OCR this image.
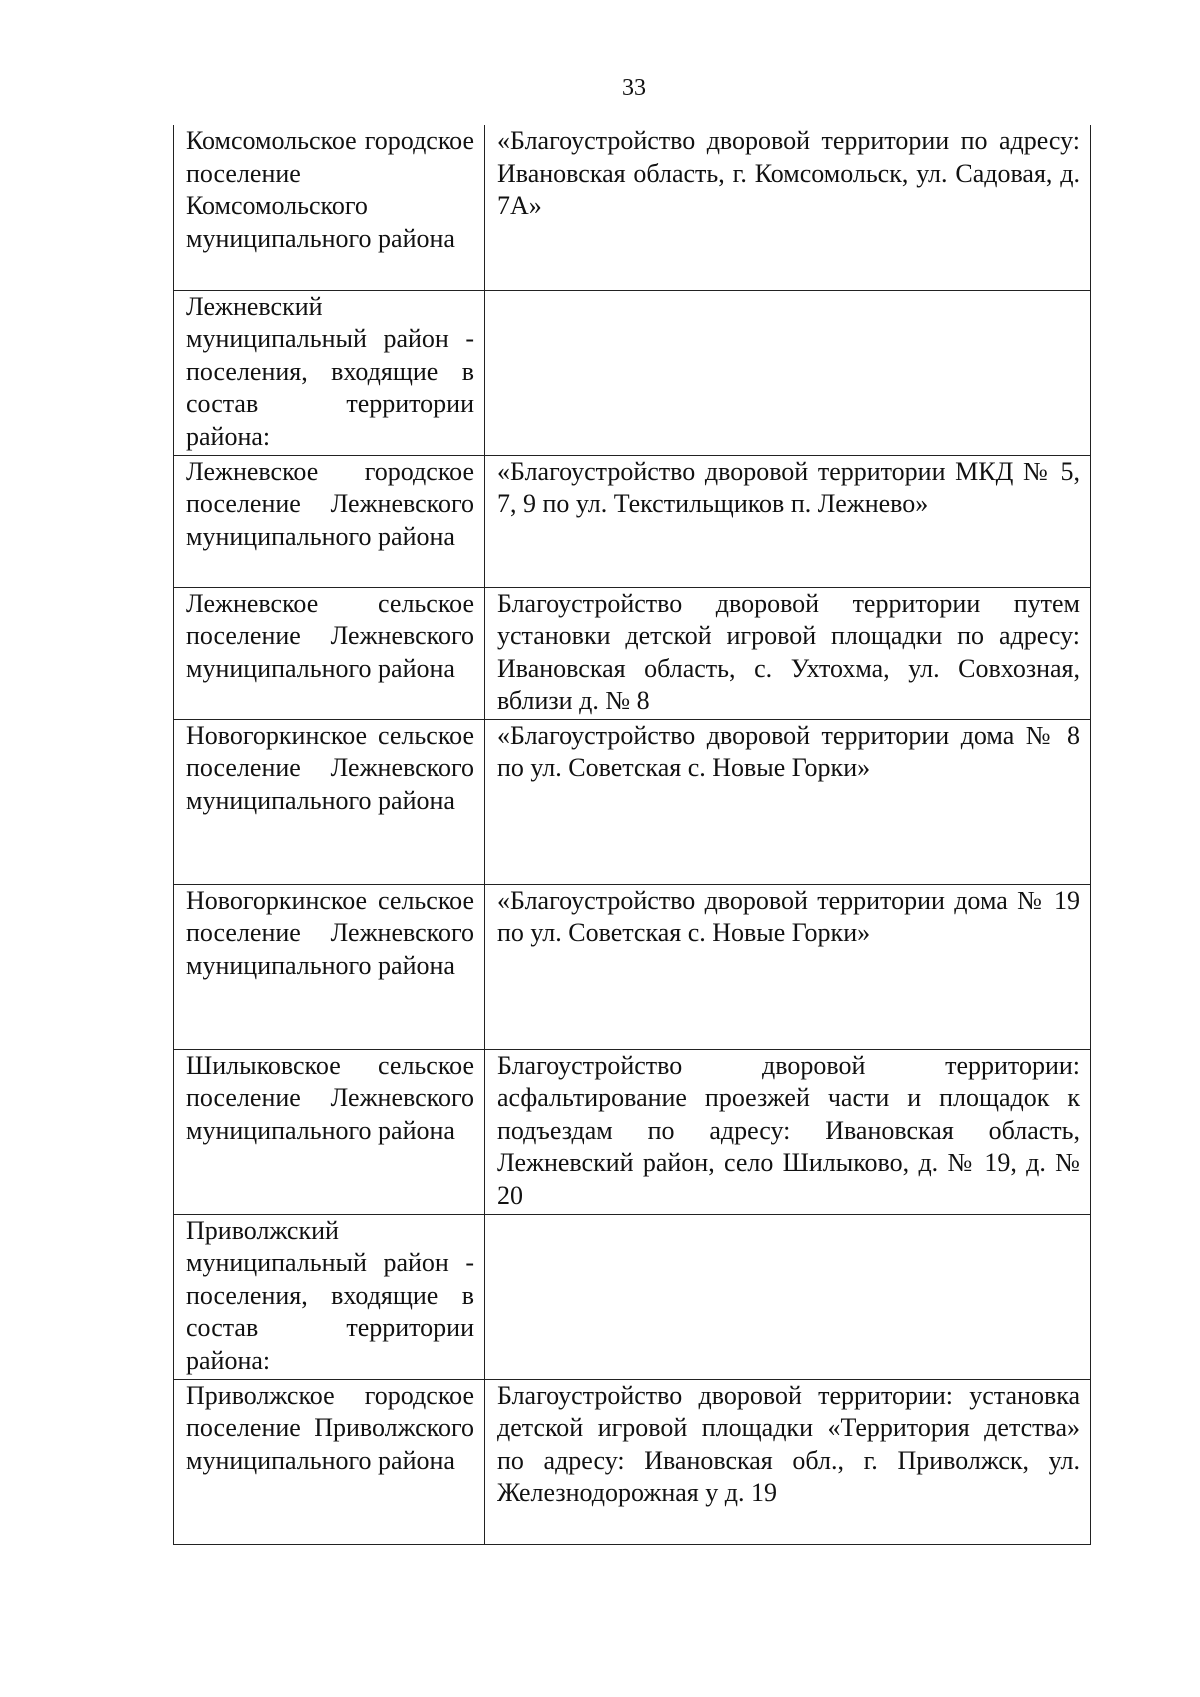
33
Комсомольское городское поселение Комсомольского муниципального района	«Благоустройство дворовой территории по адресу: Ивановская область, г. Комсомольск, ул. Садовая, д. 7А»

Лежневский муниципальный район - поселения, входящие в состав территории района:	

Лежневское городское поселение Лежневского муниципального района	«Благоустройство дворовой территории МКД № 5, 7, 9 по ул. Текстильщиков п. Лежнево»

Лежневское сельское поселение Лежневского муниципального района	Благоустройство дворовой территории путем установки детской игровой площадки по адресу: Ивановская область, с. Ухтохма, ул. Совхозная, вблизи д. № 8

Новогоркинское сельское поселение Лежневского муниципального района	«Благоустройство дворовой территории дома № 8 по ул. Советская с. Новые Горки»

Новогоркинское сельское поселение Лежневского муниципального района	«Благоустройство дворовой территории дома № 19 по ул. Советская с. Новые Горки»

Шилыковское сельское поселение Лежневского муниципального района	Благоустройство дворовой территории: асфальтирование проезжей части и площадок к подъездам по адресу: Ивановская область, Лежневский район, село Шилыково, д. № 19, д. № 20

Приволжский муниципальный район - поселения, входящие в состав территории района:	

Приволжское городское поселение Приволжского муниципального района	Благоустройство дворовой территории: установка детской игровой площадки «Территория детства» по адресу: Ивановская обл., г. Приволжск, ул. Железнодорожная у д. 19
